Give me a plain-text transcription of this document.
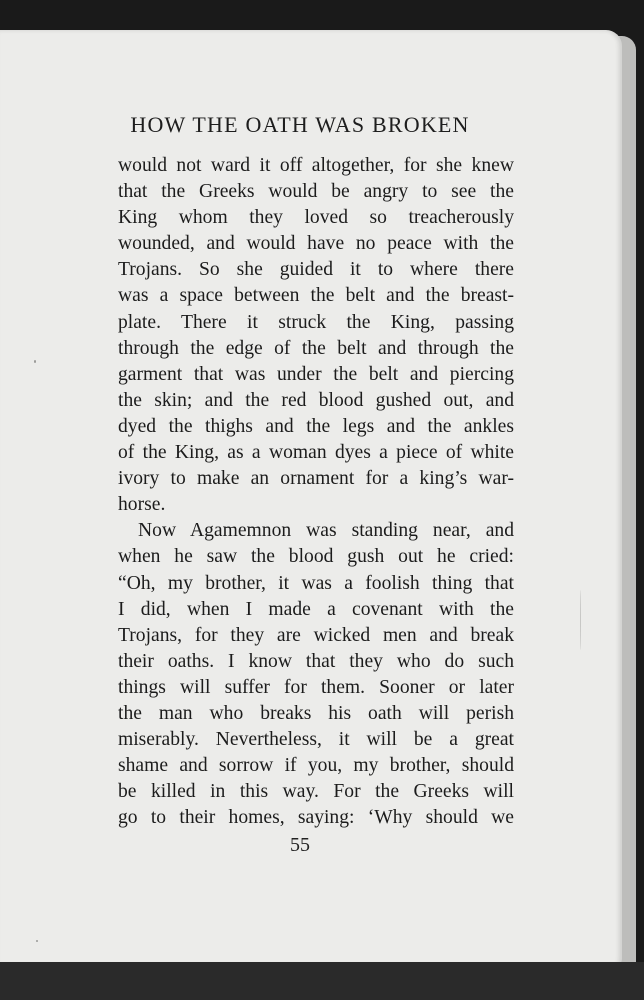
HOW THE OATH WAS BROKEN
would not ward it off altogether, for she knew
that the Greeks would be angry to see the
King whom they loved so treacherously
wounded, and would have no peace with the
Trojans. So she guided it to where there
was a space between the belt and the breast-
plate. There it struck the King, passing
through the edge of the belt and through the
garment that was under the belt and piercing
the skin; and the red blood gushed out, and
dyed the thighs and the legs and the ankles
of the King, as a woman dyes a piece of white
ivory to make an ornament for a king’s war-
horse.
Now Agamemnon was standing near, and
when he saw the blood gush out he cried:
“Oh, my brother, it was a foolish thing that
I did, when I made a covenant with the
Trojans, for they are wicked men and break
their oaths. I know that they who do such
things will suffer for them. Sooner or later
the man who breaks his oath will perish
miserably. Nevertheless, it will be a great
shame and sorrow if you, my brother, should
be killed in this way. For the Greeks will
go to their homes, saying: ‘Why should we
55
